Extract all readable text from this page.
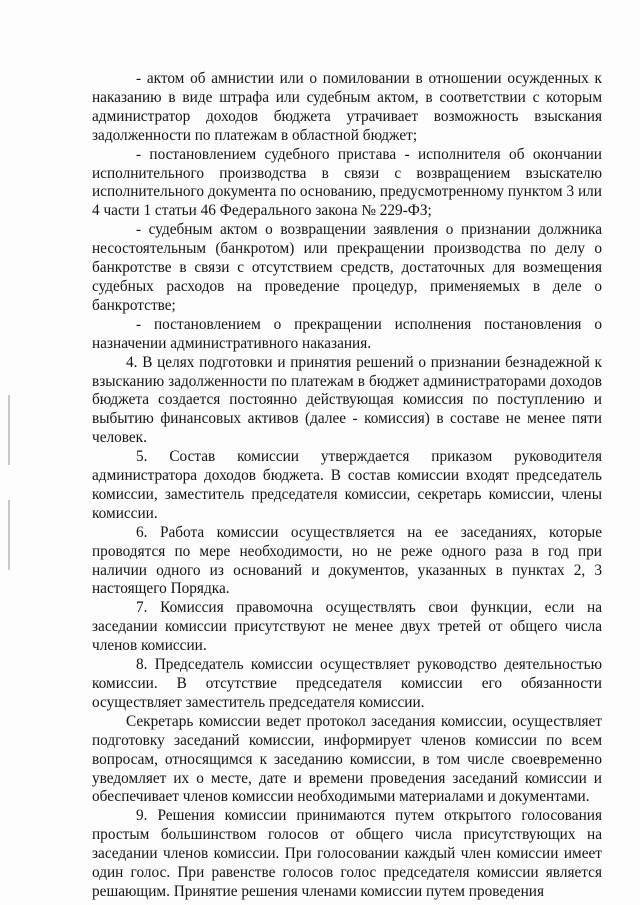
- актом об амнистии или о помиловании в отношении осужденных к наказанию в виде штрафа или судебным актом, в соответствии с которым администратор доходов бюджета утрачивает возможность взыскания задолженности по платежам в областной бюджет;

- постановлением судебного пристава - исполнителя об окончании исполнительного производства в связи с возвращением взыскателю исполнительного документа по основанию, предусмотренному пунктом 3 или 4 части 1 статьи 46 Федерального закона № 229-ФЗ;

- судебным актом о возвращении заявления о признании должника несостоятельным (банкротом) или прекращении производства по делу о банкротстве в связи с отсутствием средств, достаточных для возмещения судебных расходов на проведение процедур, применяемых в деле о банкротстве;

- постановлением о прекращении исполнения постановления о назначении административного наказания.

4. В целях подготовки и принятия решений о признании безнадежной к взысканию задолженности по платежам в бюджет администраторами доходов бюджета создается постоянно действующая комиссия по поступлению и выбытию финансовых активов (далее - комиссия) в составе не менее пяти человек.

5. Состав комиссии утверждается приказом руководителя администратора доходов бюджета. В состав комиссии входят председатель комиссии, заместитель председателя комиссии, секретарь комиссии, члены комиссии.

6. Работа комиссии осуществляется на ее заседаниях, которые проводятся по мере необходимости, но не реже одного раза в год при наличии одного из оснований и документов, указанных в пунктах 2, 3 настоящего Порядка.

7. Комиссия правомочна осуществлять свои функции, если на заседании комиссии присутствуют не менее двух третей от общего числа членов комиссии.

8. Председатель комиссии осуществляет руководство деятельностью комиссии. В отсутствие председателя комиссии его обязанности осуществляет заместитель председателя комиссии.

Секретарь комиссии ведет протокол заседания комиссии, осуществляет подготовку заседаний комиссии, информирует членов комиссии по всем вопросам, относящимся к заседанию комиссии, в том числе своевременно уведомляет их о месте, дате и времени проведения заседаний комиссии и обеспечивает членов комиссии необходимыми материалами и документами.

9. Решения комиссии принимаются путем открытого голосования простым большинством голосов от общего числа присутствующих на заседании членов комиссии. При голосовании каждый член комиссии имеет один голос. При равенстве голосов голос председателя комиссии является решающим. Принятие решения членами комиссии путем проведения
